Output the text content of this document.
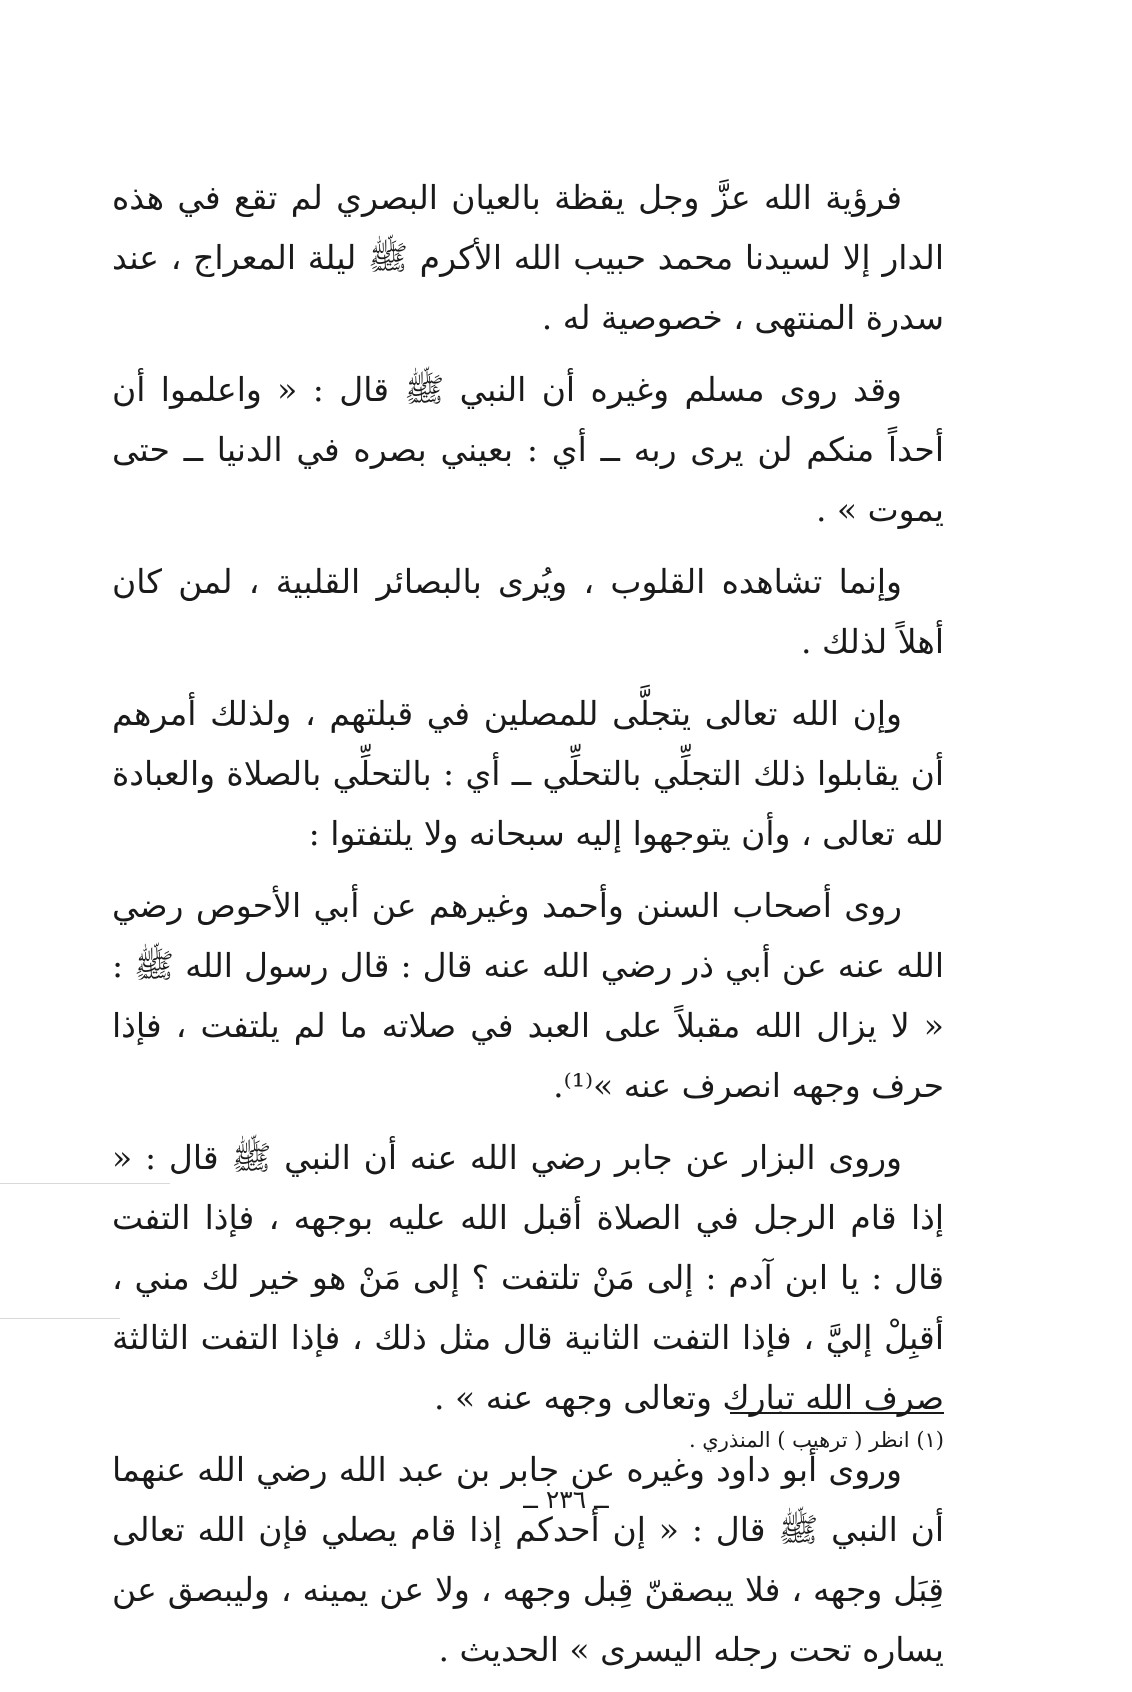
فرؤية الله عزَّ وجل يقظة بالعيان البصري لم تقع في هذه الدار إلا لسيدنا محمد حبيب الله الأكرم ﷺ ليلة المعراج ، عند سدرة المنتهى ، خصوصية له .

وقد روى مسلم وغيره أن النبي ﷺ قال : « واعلموا أن أحداً منكم لن يرى ربه ــ أي : بعيني بصره في الدنيا ــ حتى يموت » .

وإنما تشاهده القلوب ، ويُرى بالبصائر القلبية ، لمن كان أهلاً لذلك .

وإن الله تعالى يتجلَّى للمصلين في قبلتهم ، ولذلك أمرهم أن يقابلوا ذلك التجلِّي بالتحلِّي ــ أي : بالتحلِّي بالصلاة والعبادة لله تعالى ، وأن يتوجهوا إليه سبحانه ولا يلتفتوا :

روى أصحاب السنن وأحمد وغيرهم عن أبي الأحوص رضي الله عنه عن أبي ذر رضي الله عنه قال : قال رسول الله ﷺ : « لا يزال الله مقبلاً على العبد في صلاته ما لم يلتفت ، فإذا حرف وجهه انصرف عنه »⁽¹⁾.

وروى البزار عن جابر رضي الله عنه أن النبي ﷺ قال : « إذا قام الرجل في الصلاة أقبل الله عليه بوجهه ، فإذا التفت قال : يا ابن آدم : إلى مَنْ تلتفت ؟ إلى مَنْ هو خير لك مني ، أقبِلْ إليَّ ، فإذا التفت الثانية قال مثل ذلك ، فإذا التفت الثالثة صرف الله تبارك وتعالى وجهه عنه » .

وروى أبو داود وغيره عن جابر بن عبد الله رضي الله عنهما أن النبي ﷺ قال : « إن أحدكم إذا قام يصلي فإن الله تعالى قِبَل وجهه ، فلا يبصقنّ قِبل وجهه ، ولا عن يمينه ، وليبصق عن يساره تحت رجله اليسرى » الحديث .

(١) انظر ( ترهيب ) المنذري .
ــ ٢٣٦ ــ
